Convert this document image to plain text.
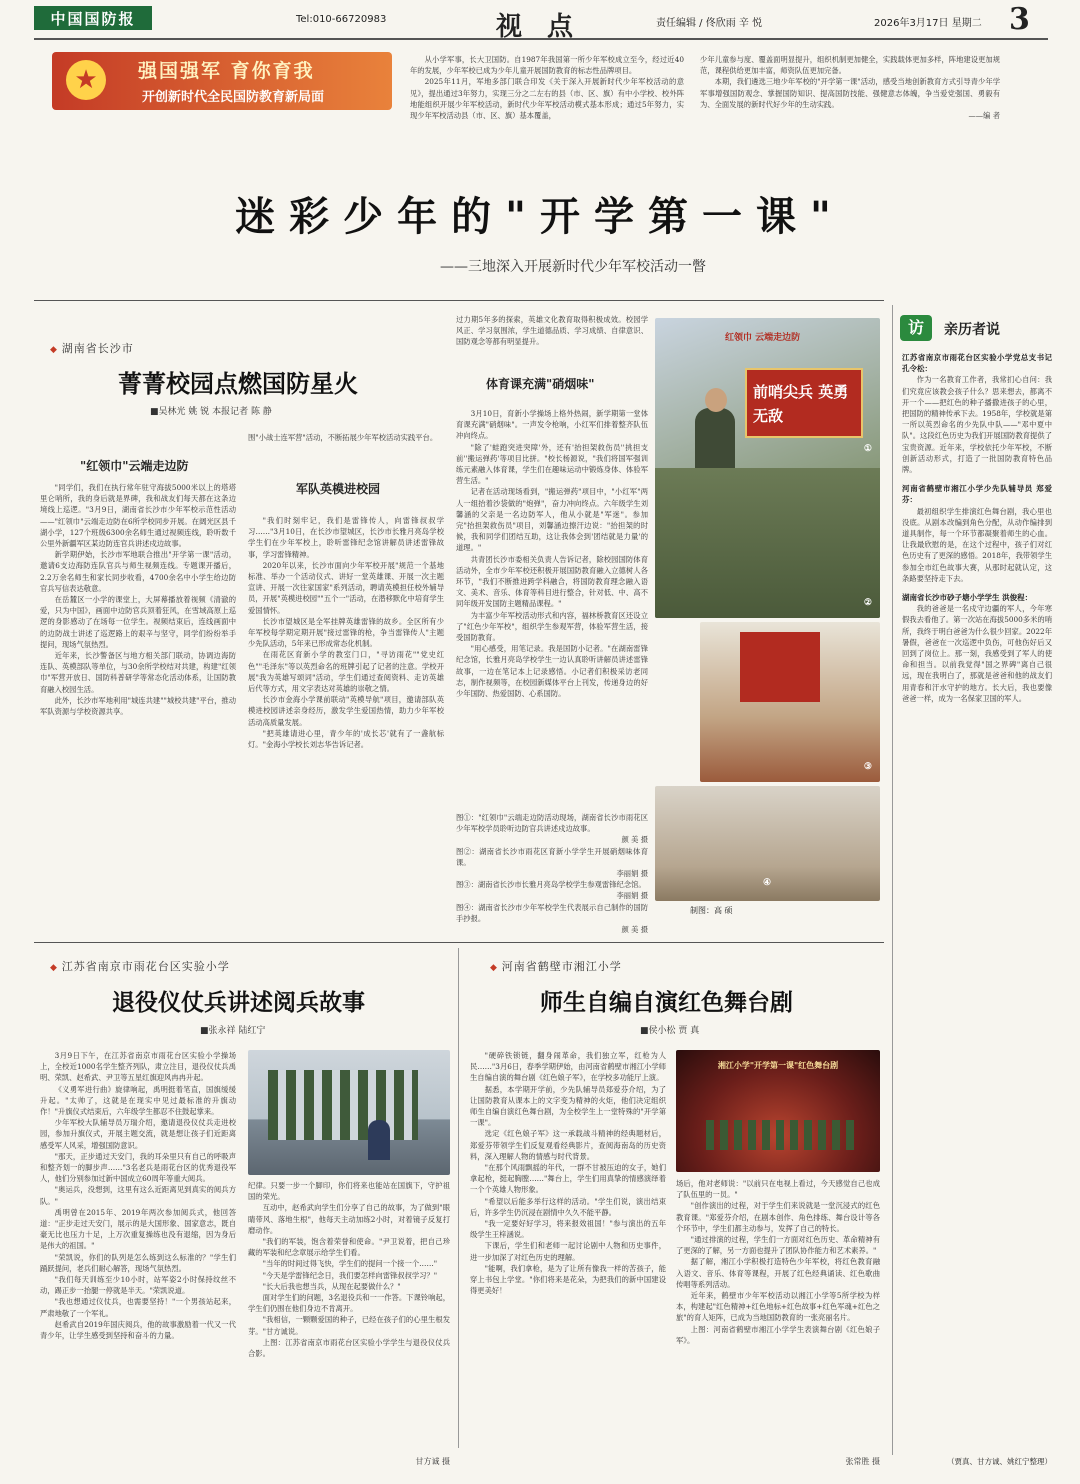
中国国防报	Tel:010-66720983	视 点	责任编辑 / 佟欣雨 辛 悦	2026年3月17日 星期二 3
★	强国强军 育你育我
开创新时代全民国防教育新局面

从小学军事，长大卫国防。自1987年我国第一所少年军校成立至今，经过近40年的发展，少年军校已成为少年儿童开展国防教育的标志性品牌项目。

2025年11月，军地多部门联合印发《关于深入开展新时代少年军校活动的意见》，提出通过3年努力，实现三分之二左右的县（市、区、旗）有中小学校、校外阵地能组织开展少年军校活动，新时代少年军校活动模式基本形成；通过5年努力，实现少年军校活动县（市、区、旗）基本覆盖，

少年儿童参与度、覆盖面明显提升，组织机制更加健全，实践载体更加多样，阵地建设更加规范，课程供给更加丰富，师资队伍更加完备。

本期，我们遴选三地少年军校的"开学第一课"活动，感受当地创新教育方式引导青少年学军事增强国防观念、掌握国防知识、提高国防技能、强健意志体魄，争当爱党强国、勇毅有为、全面发展的新时代好少年的生动实践。

——编 者

迷彩少年的"开学第一课"
——三地深入开展新时代少年军校活动一瞥
◆ 湖南省长沙市
菁菁校园点燃国防星火
■吴林光 姚 锐 本报记者 陈 静
"红领巾"云端走边防

"同学们，我们在执行常年驻守海拔5000米以上的塔塔里仑哨所，我的身后就是界碑，我和战友们每天都在这条边境线上巡逻。"3月9日，湖南省长沙市少年军校示范性活动——"红领巾"云端走边防在6所学校同步开展。在阔光区县千湖小学，127个班级6300余名师生通过视频连线，聆听数千公里外新疆军区某边防连官兵讲述戍边故事。

新学期伊始，长沙市军地联合推出"开学第一课"活动，邀请6支边海防连队官兵与师生视频连线。专题课开播后，2.2万余名师生和家长同步收看，4700余名中小学生给边防官兵写信表达敬意。

在岳麓区一小学的课堂上，大屏幕播放着视频《清澈的爱，只为中国》，画面中边防官兵顶着狂风，在雪域高原上巡逻的身影感动了在场每一位学生。视频结束后，连线画面中的边防战士讲述了巡逻路上的艰辛与坚守，同学们纷纷举手提问，现场气氛热烈。

近年来，长沙警备区与地方相关部门联动，协调边海防连队、英模部队等单位，与30余所学校结对共建，构建"红领巾"军营开放日、国防科普研学等常态化活动体系，让国防教育融入校园生活。

此外，长沙市军地利用"城连共建""城校共建"平台，推动军队资源与学校资源共享。

围"小战士连军营"活动，不断拓展少年军校活动实践平台。

军队英模进校园

"我们时刻牢记，我们是雷锋传人，向雷锋叔叔学习……"3月10日，在长沙市望城区，长沙市长雅月亮岛学校学生们在少年军校上，聆听雷锋纪念馆讲解员讲述雷锋故事，学习雷锋精神。

2020年以来，长沙市面向少年军校开展"规范一个基地标准、举办一个活动仪式、讲好一堂英雄课、开展一次主题宣讲、开展一次往家国家"系列活动，聘请英模担任校外辅导员，开展"英模进校园""五个一"活动，在潜移默化中培育学生爱国情怀。

长沙市望城区是全军挂牌英雄雷锋的故乡。全区所有少年军校每学期定期开展"接过雷锋的枪，争当雷锋传人"主题少先队活动，5年来已形成常态化机制。

在雨花区育新小学的教室门口，"寻访雨花""党史红色""毛泽东"等以英烈命名的班牌引起了记者的注意。学校开展"我为英雄写颂词"活动，学生们通过查阅资料、走访英雄后代等方式，用文字表达对英雄的崇敬之情。

长沙市金海小学课前联动"英模导航"项目，邀请部队英模进校园讲述亲身经历，激发学生爱国热情，助力少年军校活动高质量发展。

"把英雄请进心里，青少年的'成长芯'就有了一盏航标灯。"金海小学校长刘志华告诉记者。

过力期5年多的探索，英雄文化教育取得积极成效。校园学风正、学习氛围浓，学生道德品质、学习成绩、自律意识、国防观念等都有明显提升。

体育课充满"硝烟味"

3月10日，育新小学操场上格外热闹，新学期第一堂体育课充满"硝烟味"。一声发令枪响，小红军们排着整齐队伍冲向终点。

"除了'蛙跑突进突障'外，还有'抬担架救伤员''挑担支前''搬运弹药'等项目比拼。"校长杨源说，"我们将国军强训练元素融入体育课，学生们在趣味运动中锻炼身体、体验军营生活。"

记者在活动现场看到，"搬运弹药"项目中，"小红军"两人一组抬着沙袋做的"炮弹"，奋力冲向终点。六年级学生刘馨涵的父亲是一名边防军人，他从小就是"军迷"。参加完"抬担架救伤员"项目，刘馨涵边擦汗边说："抬担架的时候，我和同学们团结互助，这让我体会到'团结就是力量'的道理。"

共青团长沙市委相关负责人告诉记者，除校园国防体育活动外，全市少年军校还积极开展国防教育融入立德树人各环节，"我们不断推进跨学科融合，将国防教育理念融入语文、美术、音乐、体育等科目进行整合，针对低、中、高不同年级开发国防主题精品课程。"

为丰富少年军校活动形式和内容，福林桥教育区还设立了"红色少年军校"，组织学生参观军营，体验军营生活，接受国防教育。

"用心感受，用笔记录。我是国防小记者。"在湖南雷锋纪念馆，长雅月亮岛学校学生一边认真聆听讲解员讲述雷锋故事，一边在笔记本上记录感悟。小记者们积极采访老同志，制作视频等，在校园新媒体平台上刊发，传递身边的好少年国防、热爱国防、心系国防。

图①："红领巾"云端走边防活动现场，湖南省长沙市雨花区少年军校学员聆听边防官兵讲述戍边故事。

颜 美 摄

图②：湖南省长沙市雨花区育新小学学生开展硝烟味体育课。

李丽娟 摄

图③：湖南省长沙市长雅月亮岛学校学生参观雷锋纪念馆。

李丽娟 摄

图④：湖南省长沙市少年军校学生代表展示自己制作的国防手抄报。

颜 美 摄

前哨尖兵 英勇无敌
红领巾 云端走边防
①
②
③
④
制图：高 硕
◆ 江苏省南京市雨花台区实验小学
退役仪仗兵讲述阅兵故事
■张永祥 陆红宁

3月9日下午，在江苏省南京市雨花台区实验小学操场上，全校近1000名学生整齐列队，肃立注目，退役仪仗兵禹明、荣凯、赵希武、尹卫等五星红旗迎风冉冉升起。

《义勇军进行曲》旋律响起，禹明挺着笔直，国旗缓缓升起。"太帅了，这就是在现实中见过最标准的升旗动作！"升旗仪式结束后，六年级学生都忍不住鼓起掌来。

少年军校大队辅导员万瑞介绍，邀请退役仪仗兵走进校园，参加升旗仪式，开展主题交流，就是想让孩子们近距离感受军人风采，增强国防意识。

"那天，正步通过天安门，我的耳朵里只有自己的呼吸声和整齐划一的脚步声……"3名老兵是雨花台区的优秀退役军人，他们分别参加过新中国成立60周年等重大阅兵。

"奥运兵，没想到，这里有这么近距离见到真实的阅兵方队。"

禹明曾在2015年、2019年两次参加阅兵式，他回答道："正步走过天安门，展示的是大国形象、国家意志，既自豪无比也压力十足，上万次重复操练也没有退缩，因为身后是伟大的祖国。"

"荣凯说，你们的队列是怎么练到这么标准的？"学生们踊跃提问，老兵们耐心解答，现场气氛热烈。

"我们每天训练至少10小时，站军姿2小时保持纹丝不动，踢正步一抬腿一停就是半天。"荣凯说道。

"我也想通过仪仗兵，也需要坚持！"一个男孩站起来，严肃地敬了一个军礼。

赵希武自2019年国庆阅兵，他的故事激励着一代又一代青少年，让学生感受到坚持和奋斗的力量。

纪律。只要一步一个脚印，你们将来也能站在国旗下，守护祖国的荣光。

互动中，赵希武向学生们分享了自己的故事，为了做到"眼睛带风、落地生根"，他每天主动加练2小时，对着镜子反复打磨动作。

"我们的军装，饱含着荣誉和使命。"尹卫说着，把自己珍藏的军装和纪念章展示给学生们看。

"当年的时间过得飞快，学生们的提问一个接一个……"

"今天是学雷锋纪念日，我们要怎样向雷锋叔叔学习？"

"长大后我也想当兵，从现在起要做什么？"

面对学生们的问题，3名退役兵和一一作答。下课铃响起，学生们仍围在他们身边不肯离开。

"我相信，一颗颗爱国的种子，已经在孩子们的心里生根发芽。"甘方诚说。

上图：江苏省南京市雨花台区实验小学学生与退役仪仗兵合影。

甘方诚 摄
◆ 河南省鹤壁市湘江小学
师生自编自演红色舞台剧
■侯小松 贾 真

"硬碎铁锁链，翻身闹革命，我们独立军，红枪为人民……"3月6日，春季学期伊始，由河南省鹤壁市湘江小学师生自编自演的舞台剧《红色娘子军》，在学校多功能厅上演。

据悉，本学期开学前，少先队辅导员郑爱芬介绍，为了让国防教育从课本上的文字变为精神的火炬，他们决定组织师生自编自演红色舞台剧，为全校学生上一堂特殊的"开学第一课"。

选定《红色娘子军》这一承载战斗精神的经典题材后，郑爱芬带领学生们反复观看经典影片，查阅海南岛的历史资料，深入理解人物的情感与时代背景。

"在那个风雨飘摇的年代，一群不甘被压迫的女子，她们拿起枪，挺起胸膛……"舞台上，学生们用真挚的情感演绎着一个个英雄人物形象。

"希望以后能多举行这样的活动。"学生们说，演出结束后，许多学生仍沉浸在剧情中久久不能平静。

"我一定要好好学习，将来报效祖国！"参与演出的五年级学生王梓涵说。

下课后，学生们和老师一起讨论剧中人物和历史事件，进一步加深了对红色历史的理解。

"能啊，我们拿枪，是为了让所有像我一样的苦孩子，能穿上书包上学堂。"你们将来是花朵，为把我们的新中国建设得更美好！

湘江小学"开学第一课"红色舞台剧

场后，他对老师说："以前只在电视上看过，今天感觉自己也成了队伍里的一员。"

"创作演出的过程，对于学生们来说就是一堂沉浸式的红色教育课。"郑爱芬介绍，在剧本创作、角色排练、舞台设计等各个环节中，学生们都主动参与，发挥了自己的特长。

"通过排演的过程，学生们一方面对红色历史、革命精神有了更深的了解，另一方面也提升了团队协作能力和艺术素养。"

据了解，湘江小学积极打造特色少年军校，将红色教育融入语文、音乐、体育等课程，开展了红色经典诵读、红色歌曲传唱等系列活动。

近年来，鹤壁市少年军校活动以湘江小学等5所学校为样本，构建起"红色精神+红色地标+红色故事+红色军魂+红色之旅"的育人矩阵，已成为当地国防教育的一张亮丽名片。

上图：河南省鹤壁市湘江小学学生表演舞台剧《红色娘子军》。

张常胜 摄
访	亲历者说
江苏省南京市雨花台区实验小学党总支书记 孔令松：

作为一名教育工作者，我常扪心自问：我们究竟应该教会孩子什么？思来想去，都离不开一个——把红色的种子播撒进孩子的心里，把国防的精神传承下去。1958年，学校就是第一所以英烈命名的少先队中队——"邓中夏中队"。这段红色历史为我们开展国防教育提供了宝贵资源。近年来，学校依托少年军校，不断创新活动形式，打造了一批国防教育特色品牌。

河南省鹤壁市湘江小学少先队辅导员 郑爱芬：

最初组织学生排演红色舞台剧，我心里也没底。从剧本改编到角色分配，从动作编排到道具制作，每一个环节都凝聚着师生的心血。让我最欣慰的是，在这个过程中，孩子们对红色历史有了更深的感悟。2018年，我带领学生参加全市红色故事大赛，从那时起就认定，这条路要坚持走下去。

湖南省长沙市砂子塘小学学生 洪俊程：

我的爸爸是一名戍守边疆的军人，今年寒假我去看他了。第一次站在海拔5000多米的哨所，我终于明白爸爸为什么很少回家。2022年暑假，爸爸在一次巡逻中负伤，可他伤好后又回到了岗位上。那一刻，我感受到了军人的使命和担当。以前我觉得"国之界碑"离自己很远，现在我明白了，那就是爸爸和他的战友们用青春和汗水守护的地方。长大后，我也要像爸爸一样，成为一名保家卫国的军人。

（贾真、甘方诚、姚红宁整理）
